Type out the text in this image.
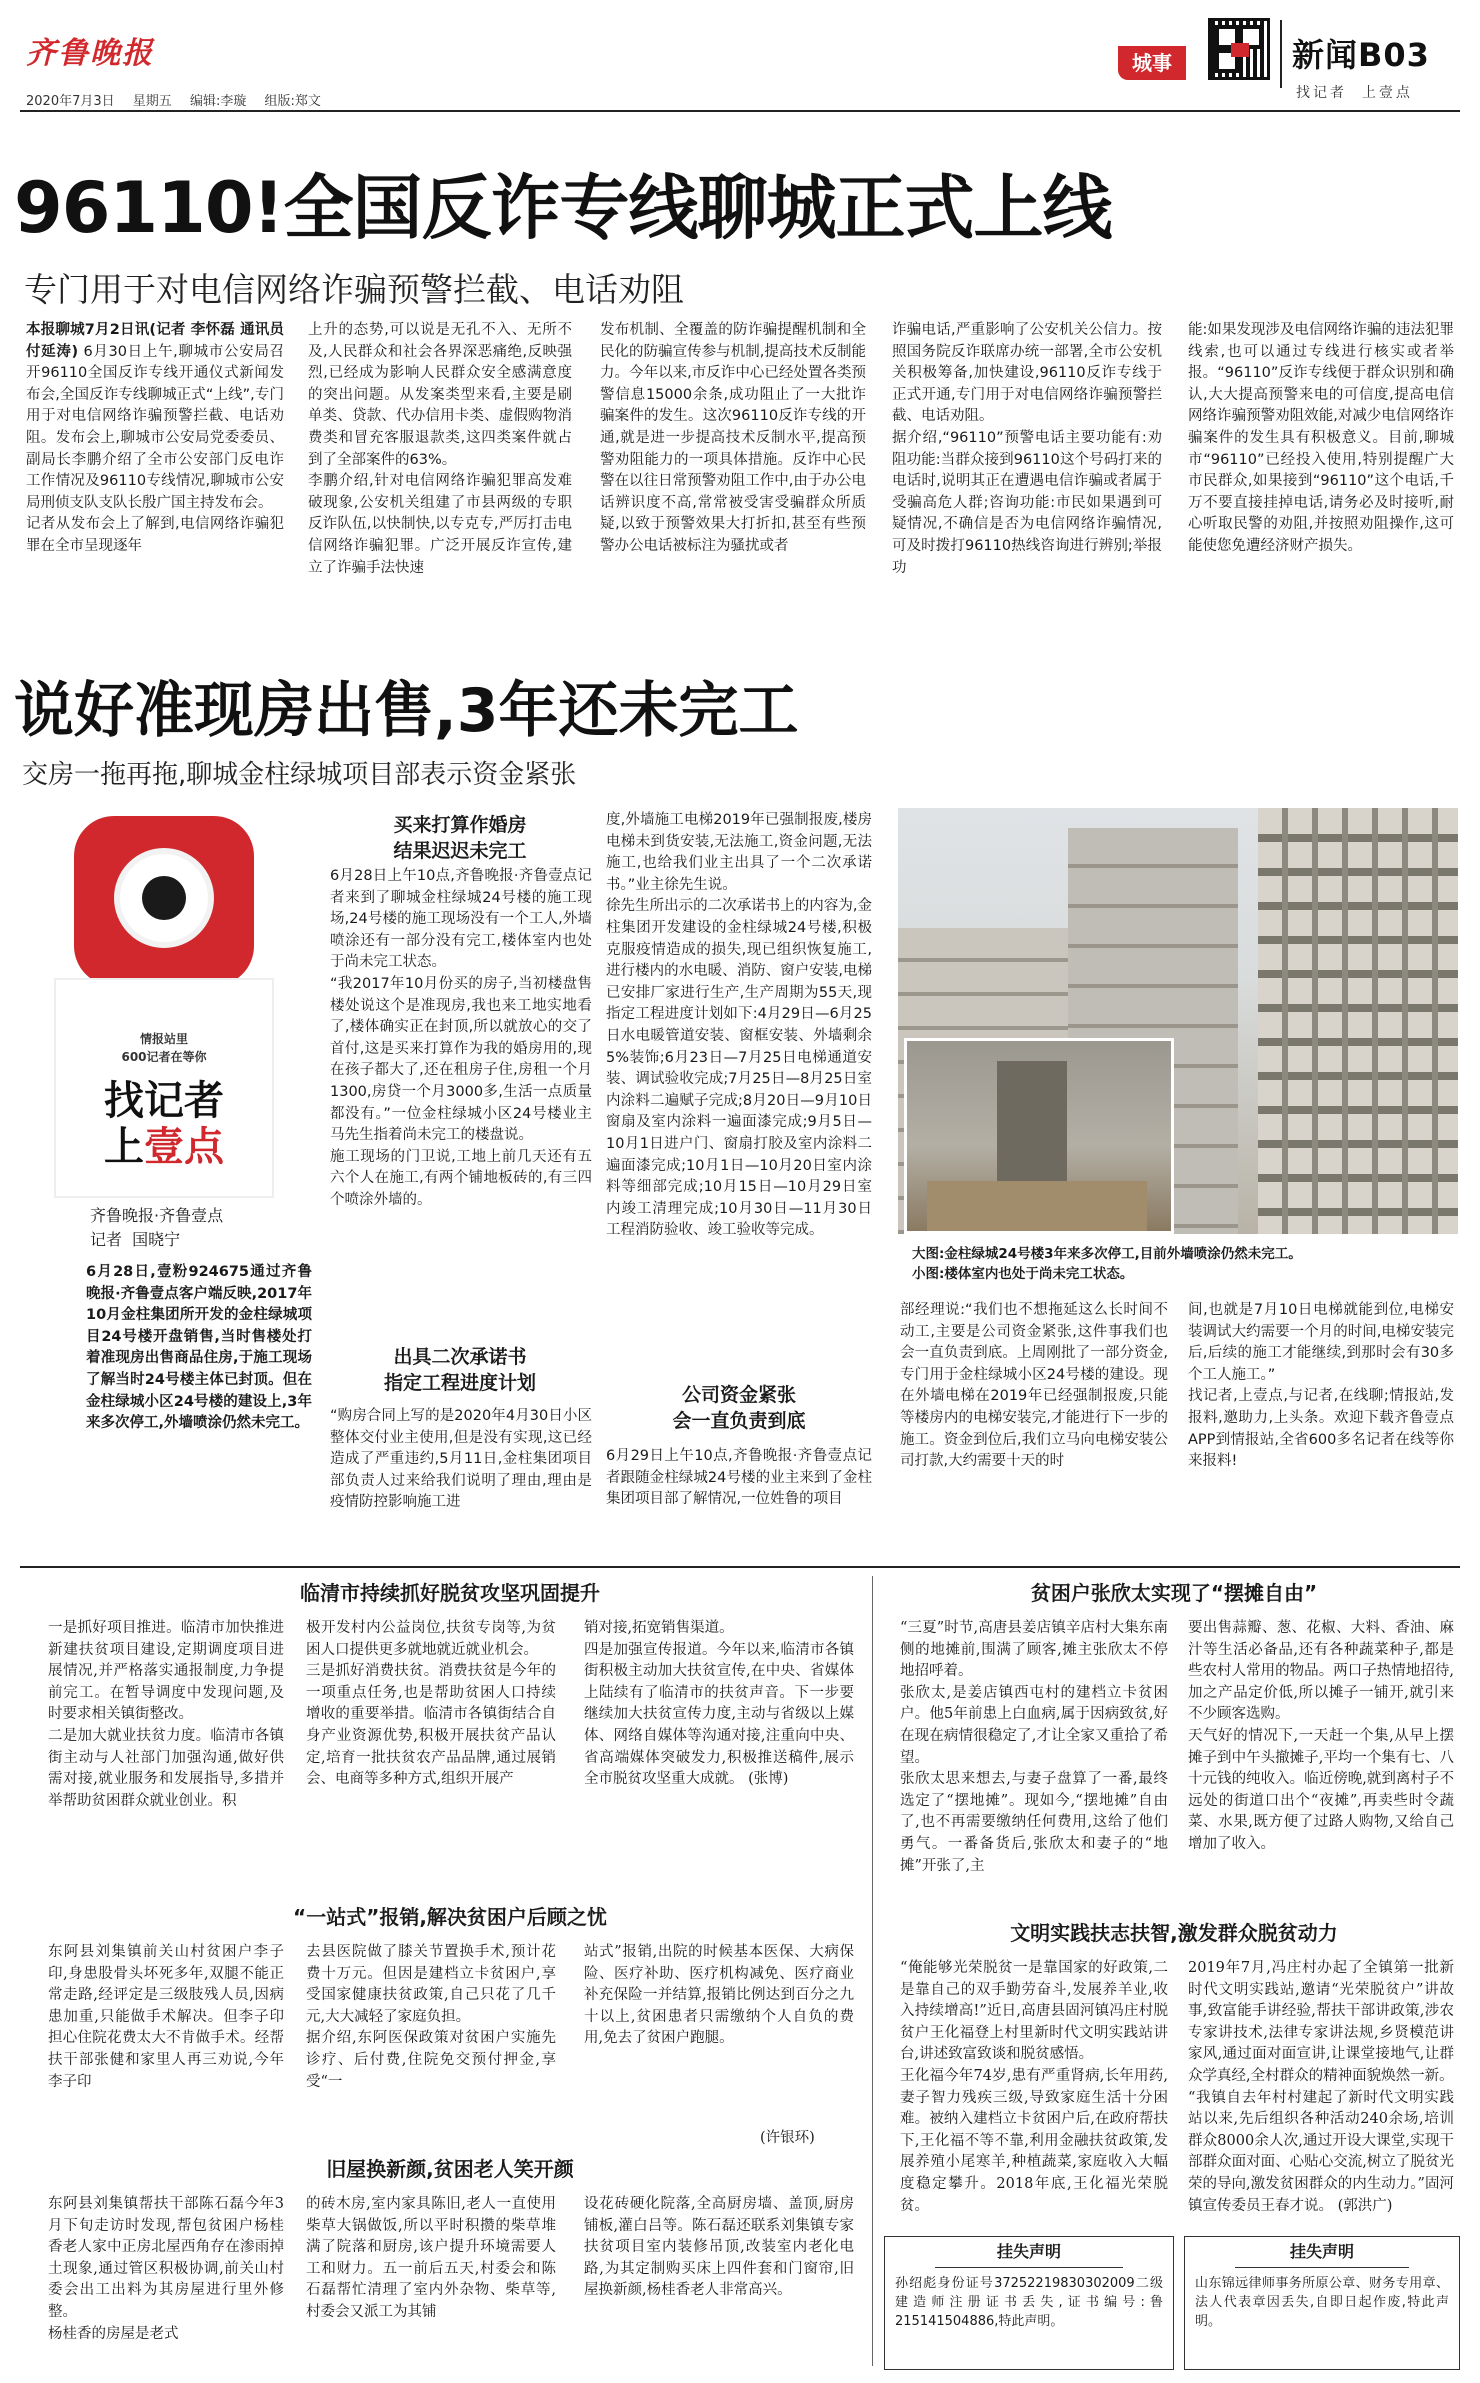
齐鲁晚报
2020年7月3日 星期五 编辑:李璇 组版:郑文
城事	新闻B03
找记者  上壹点
96110!全国反诈专线聊城正式上线
专门用于对电信网络诈骗预警拦截、电话劝阻

本报聊城7月2日讯(记者 李怀磊 通讯员 付延涛) 6月30日上午,聊城市公安局召开96110全国反诈专线开通仪式新闻发布会,全国反诈专线聊城正式“上线”,专门用于对电信网络诈骗预警拦截、电话劝阻。发布会上,聊城市公安局党委委员、副局长李鹏介绍了全市公安部门反电诈工作情况及96110专线情况,聊城市公安局刑侦支队支队长殷广国主持发布会。
记者从发布会上了解到,电信网络诈骗犯罪在全市呈现逐年
上升的态势,可以说是无孔不入、无所不及,人民群众和社会各界深恶痛绝,反映强烈,已经成为影响人民群众安全感满意度的突出问题。从发案类型来看,主要是刷单类、贷款、代办信用卡类、虚假购物消费类和冒充客服退款类,这四类案件就占到了全部案件的63%。
李鹏介绍,针对电信网络诈骗犯罪高发难破现象,公安机关组建了市县两级的专职反诈队伍,以快制快,以专克专,严厉打击电信网络诈骗犯罪。广泛开展反诈宣传,建立了诈骗手法快速
发布机制、全覆盖的防诈骗提醒机制和全民化的防骗宣传参与机制,提高技术反制能力。今年以来,市反诈中心已经处置各类预警信息15000余条,成功阻止了一大批诈骗案件的发生。这次96110反诈专线的开通,就是进一步提高技术反制水平,提高预警劝阻能力的一项具体措施。反诈中心民警在以往日常预警劝阻工作中,由于办公电话辨识度不高,常常被受害受骗群众所质疑,以致于预警效果大打折扣,甚至有些预警办公电话被标注为骚扰或者
诈骗电话,严重影响了公安机关公信力。按照国务院反诈联席办统一部署,全市公安机关积极筹备,加快建设,96110反诈专线于正式开通,专门用于对电信网络诈骗预警拦截、电话劝阻。
据介绍,“96110”预警电话主要功能有:劝阻功能:当群众接到96110这个号码打来的电话时,说明其正在遭遇电信诈骗或者属于受骗高危人群;咨询功能:市民如果遇到可疑情况,不确信是否为电信网络诈骗情况,可及时拨打96110热线咨询进行辨别;举报功
能:如果发现涉及电信网络诈骗的违法犯罪线索,也可以通过专线进行核实或者举报。“96110”反诈专线便于群众识别和确认,大大提高预警来电的可信度,提高电信网络诈骗预警劝阻效能,对减少电信网络诈骗案件的发生具有积极意义。目前,聊城市“96110”已经投入使用,特别提醒广大市民群众,如果接到“96110”这个电话,千万不要直接挂掉电话,请务必及时接听,耐心听取民警的劝阻,并按照劝阻操作,这可能使您免遭经济财产损失。
说好准现房出售,3年还未完工
交房一拖再拖,聊城金柱绿城项目部表示资金紧张
情报站里
600记者在等你
找记者
上壹点
齐鲁晚报·齐鲁壹点
记者  国晓宁
6月28日,壹粉924675通过齐鲁晚报·齐鲁壹点客户端反映,2017年10月金柱集团所开发的金柱绿城项目24号楼开盘销售,当时售楼处打着准现房出售商品住房,于施工现场了解当时24号楼主体已封顶。但在金柱绿城小区24号楼的建设上,3年来多次停工,外墙喷涂仍然未完工。
买来打算作婚房
结果迟迟未完工
6月28日上午10点,齐鲁晚报·齐鲁壹点记者来到了聊城金柱绿城24号楼的施工现场,24号楼的施工现场没有一个工人,外墙喷涂还有一部分没有完工,楼体室内也处于尚未完工状态。
“我2017年10月份买的房子,当初楼盘售楼处说这个是准现房,我也来工地实地看了,楼体确实正在封顶,所以就放心的交了首付,这是买来打算作为我的婚房用的,现在孩子都大了,还在租房子住,房租一个月1300,房贷一个月3000多,生活一点质量都没有。”一位金柱绿城小区24号楼业主马先生指着尚未完工的楼盘说。
施工现场的门卫说,工地上前几天还有五六个人在施工,有两个铺地板砖的,有三四个喷涂外墙的。
出具二次承诺书
指定工程进度计划
“购房合同上写的是2020年4月30日小区整体交付业主使用,但是没有实现,这已经造成了严重违约,5月11日,金柱集团项目部负责人过来给我们说明了理由,理由是疫情防控影响施工进
度,外墙施工电梯2019年已强制报废,楼房电梯未到货安装,无法施工,资金问题,无法施工,也给我们业主出具了一个二次承诺书。”业主徐先生说。
徐先生所出示的二次承诺书上的内容为,金柱集团开发建设的金柱绿城24号楼,积极克服疫情造成的损失,现已组织恢复施工,进行楼内的水电暖、消防、窗户安装,电梯已安排厂家进行生产,生产周期为55天,现指定工程进度计划如下:4月29日—6月25日水电暖管道安装、窗框安装、外墙剩余5%装饰;6月23日—7月25日电梯通道安装、调试验收完成;7月25日—8月25日室内涂料二遍赋子完成;8月20日—9月10日窗扇及室内涂料一遍面漆完成;9月5日—10月1日进户门、窗扇打胶及室内涂料二遍面漆完成;10月1日—10月20日室内涂料等细部完成;10月15日—10月29日室内竣工清理完成;10月30日—11月30日工程消防验收、竣工验收等完成。
公司资金紧张
会一直负责到底
6月29日上午10点,齐鲁晚报·齐鲁壹点记者跟随金柱绿城24号楼的业主来到了金柱集团项目部了解情况,一位姓鲁的项目
大图:金柱绿城24号楼3年来多次停工,目前外墙喷涂仍然未完工。
小图:楼体室内也处于尚未完工状态。
部经理说:“我们也不想拖延这么长时间不动工,主要是公司资金紧张,这件事我们也会一直负责到底。上周刚批了一部分资金,专门用于金柱绿城小区24号楼的建设。现在外墙电梯在2019年已经强制报废,只能等楼房内的电梯安装完,才能进行下一步的施工。资金到位后,我们立马向电梯安装公司打款,大约需要十天的时
间,也就是7月10日电梯就能到位,电梯安装调试大约需要一个月的时间,电梯安装完后,后续的施工才能继续,到那时会有30多个工人施工。”
找记者,上壹点,与记者,在线聊;情报站,发报料,邀助力,上头条。欢迎下载齐鲁壹点APP到情报站,全省600多名记者在线等你来报料!
临清市持续抓好脱贫攻坚巩固提升
一是抓好项目推进。临清市加快推进新建扶贫项目建设,定期调度项目进展情况,并严格落实通报制度,力争提前完工。在暂导调度中发现问题,及时要求相关镇街整改。
二是加大就业扶贫力度。临清市各镇街主动与人社部门加强沟通,做好供需对接,就业服务和发展指导,多措并举帮助贫困群众就业创业。积
极开发村内公益岗位,扶贫专岗等,为贫困人口提供更多就地就近就业机会。
三是抓好消费扶贫。消费扶贫是今年的一项重点任务,也是帮助贫困人口持续增收的重要举措。临清市各镇街结合自身产业资源优势,积极开展扶贫产品认定,培育一批扶贫农产品品牌,通过展销会、电商等多种方式,组织开展产
销对接,拓宽销售渠道。
四是加强宣传报道。今年以来,临清市各镇街积极主动加大扶贫宣传,在中央、省媒体上陆续有了临清市的扶贫声音。下一步要继续加大扶贫宣传力度,主动与省级以上媒体、网络自媒体等沟通对接,注重向中央、省高端媒体突破发力,积极推送稿件,展示全市脱贫攻坚重大成就。 (张博)
“一站式”报销,解决贫困户后顾之忧
东阿县刘集镇前关山村贫困户李子印,身患股骨头坏死多年,双腿不能正常走路,经评定是三级肢残人员,因病患加重,只能做手术解决。但李子印担心住院花费太大不肯做手术。经帮扶干部张健和家里人再三劝说,今年李子印
去县医院做了膝关节置换手术,预计花费十万元。但因是建档立卡贫困户,享受国家健康扶贫政策,自己只花了几千元,大大减轻了家庭负担。
据介绍,东阿医保政策对贫困户实施先诊疗、后付费,住院免交预付押金,享受“一
站式”报销,出院的时候基本医保、大病保险、医疗补助、医疗机构减免、医疗商业补充保险一并结算,报销比例达到百分之九十以上,贫困患者只需缴纳个人自负的费用,免去了贫困户跑腿。
(许银环)
旧屋换新颜,贫困老人笑开颜
东阿县刘集镇帮扶干部陈石磊今年3月下旬走访时发现,帮包贫困户杨桂香老人家中正房北屋西角存在渗雨掉土现象,通过管区积极协调,前关山村委会出工出料为其房屋进行里外修整。
杨桂香的房屋是老式
的砖木房,室内家具陈旧,老人一直使用柴草大锅做饭,所以平时积攒的柴草堆满了院落和厨房,该户提升环境需要人工和财力。五一前后五天,村委会和陈石磊帮忙清理了室内外杂物、柴草等,村委会又派工为其铺
设花砖硬化院落,全高厨房墙、盖顶,厨房铺板,灌白吕等。陈石磊还联系刘集镇专家扶贫项目室内装修吊顶,改装室内老化电路,为其定制购买床上四件套和门窗帘,旧屋换新颜,杨桂香老人非常高兴。
贫困户张欣太实现了“摆摊自由”
“三夏”时节,高唐县姜店镇辛店村大集东南侧的地摊前,围满了顾客,摊主张欣太不停地招呼着。
张欣太,是姜店镇西屯村的建档立卡贫困户。他5年前患上白血病,属于因病致贫,好在现在病情很稳定了,才让全家又重拾了希望。
张欣太思来想去,与妻子盘算了一番,最终选定了“摆地摊”。现如今,“摆地摊”自由了,也不再需要缴纳任何费用,这给了他们勇气。一番备货后,张欣太和妻子的“地摊”开张了,主
要出售蒜瓣、葱、花椒、大料、香油、麻汁等生活必备品,还有各种蔬菜种子,都是些农村人常用的物品。两口子热情地招待,加之产品定价低,所以摊子一铺开,就引来不少顾客选购。
天气好的情况下,一天赶一个集,从早上摆摊子到中午头撤摊子,平均一个集有七、八十元钱的纯收入。临近傍晚,就到离村子不远处的街道口出个“夜摊”,再卖些时令蔬菜、水果,既方便了过路人购物,又给自己增加了收入。
文明实践扶志扶智,激发群众脱贫动力
“俺能够光荣脱贫一是靠国家的好政策,二是靠自己的双手勤劳奋斗,发展养羊业,收入持续增高!”近日,高唐县固河镇冯庄村脱贫户王化福登上村里新时代文明实践站讲台,讲述致富致谈和脱贫感悟。
王化福今年74岁,患有严重肾病,长年用药,妻子智力残疾三级,导致家庭生活十分困难。被纳入建档立卡贫困户后,在政府帮扶下,王化福不等不靠,利用金融扶贫政策,发展养殖小尾寒羊,种植蔬菜,家庭收入大幅度稳定攀升。2018年底,王化福光荣脱贫。
2019年7月,冯庄村办起了全镇第一批新时代文明实践站,邀请“光荣脱贫户”讲故事,致富能手讲经验,帮扶干部讲政策,涉农专家讲技术,法律专家讲法规,乡贤模范讲家风,通过面对面宣讲,让课堂接地气,让群众学真经,全村群众的精神面貌焕然一新。
“我镇自去年村村建起了新时代文明实践站以来,先后组织各种活动240余场,培训群众8000余人次,通过开设大课堂,实现干部群众面对面、心贴心交流,树立了脱贫光荣的导向,激发贫困群众的内生动力。”固河镇宣传委员王春才说。 (郭洪广)
挂失声明
孙绍彪身份证号37252219830302009二级建造师注册证书丢失,证书编号:鲁215141504886,特此声明。
挂失声明
山东锦远律师事务所原公章、财务专用章、法人代表章因丢失,自即日起作废,特此声明。
